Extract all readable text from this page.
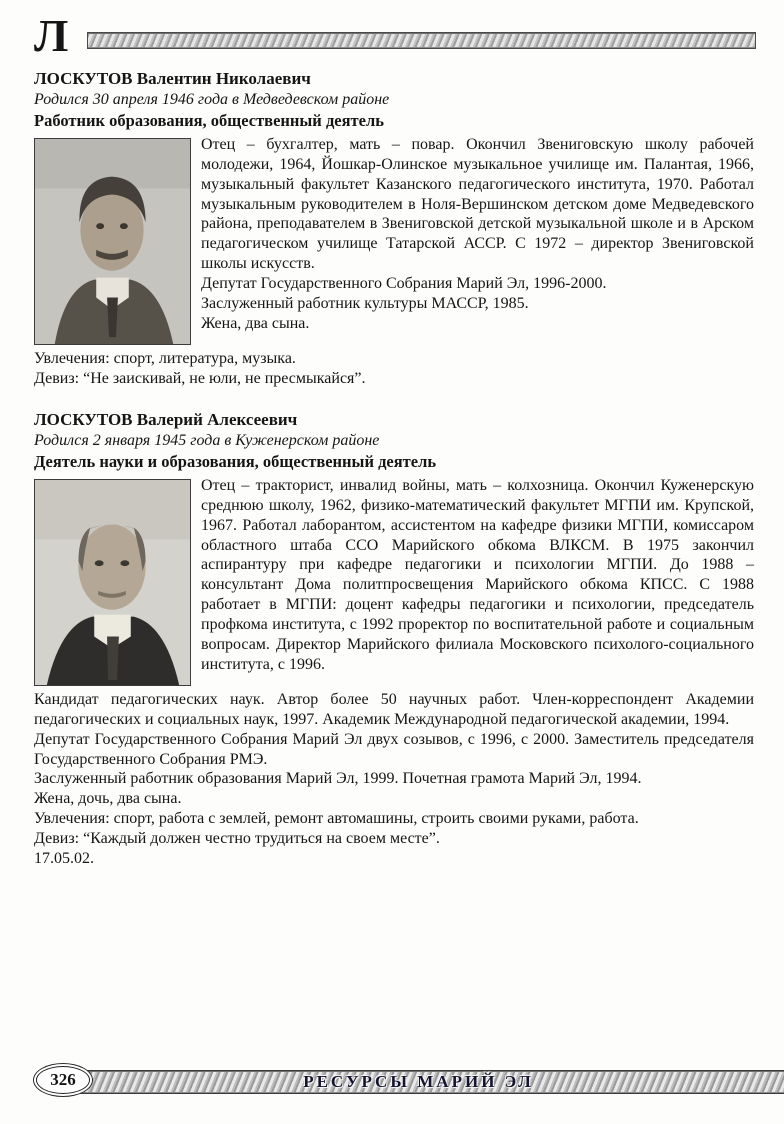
Л
ЛОСКУТОВ Валентин Николаевич
Родился 30 апреля 1946 года в Медведевском районе
Работник образования, общественный деятель

Отец – бухгалтер, мать – повар. Окончил Звениговскую школу рабочей молодежи, 1964, Йошкар-Олинское музыкальное училище им. Палантая, 1966, музыкальный факультет Казанского педагогического института, 1970. Работал музыкальным руководителем в Ноля-Вершинском детском доме Медведевского района, преподавателем в Звениговской детской музыкальной школе и в Арском педагогическом училище Татарской АССР. С 1972 – директор Звениговской школы искусств.

Депутат Государственного Собрания Марий Эл, 1996-2000.
Заслуженный работник культуры МАССР, 1985.
Жена, два сына.
Увлечения: спорт, литература, музыка.
Девиз: “Не заискивай, не юли, не пресмыкайся”.
ЛОСКУТОВ Валерий Алексеевич
Родился 2 января 1945 года в Куженерском районе
Деятель науки и образования, общественный деятель

Отец – тракторист, инвалид войны, мать – колхозница. Окончил Куженерскую среднюю школу, 1962, физико-математический факультет МГПИ им. Крупской, 1967. Работал лаборантом, ассистентом на кафедре физики МГПИ, комиссаром областного штаба ССО Марийского обкома ВЛКСМ. В 1975 закончил аспирантуру при кафедре педагогики и психологии МГПИ. До 1988 – консультант Дома политпросвещения Марийского обкома КПСС. С 1988 работает в МГПИ: доцент кафедры педагогики и психологии, председатель профкома института, с 1992 проректор по воспитательной работе и социальным вопросам. Директор Марийского филиала Московского психолого-социального института, с 1996.

Кандидат педагогических наук. Автор более 50 научных работ. Член-корреспондент Академии педагогических и социальных наук, 1997. Академик Международной педагогической академии, 1994.

Депутат Государственного Собрания Марий Эл двух созывов, с 1996, с 2000. Заместитель председателя Государственного Собрания РМЭ.

Заслуженный работник образования Марий Эл, 1999. Почетная грамота Марий Эл, 1994.
Жена, дочь, два сына.
Увлечения: спорт, работа с землей, ремонт автомашины, строить своими руками, работа.
Девиз: “Каждый должен честно трудиться на своем месте”.
17.05.02.
326	РЕСУРСЫ МАРИЙ ЭЛ
